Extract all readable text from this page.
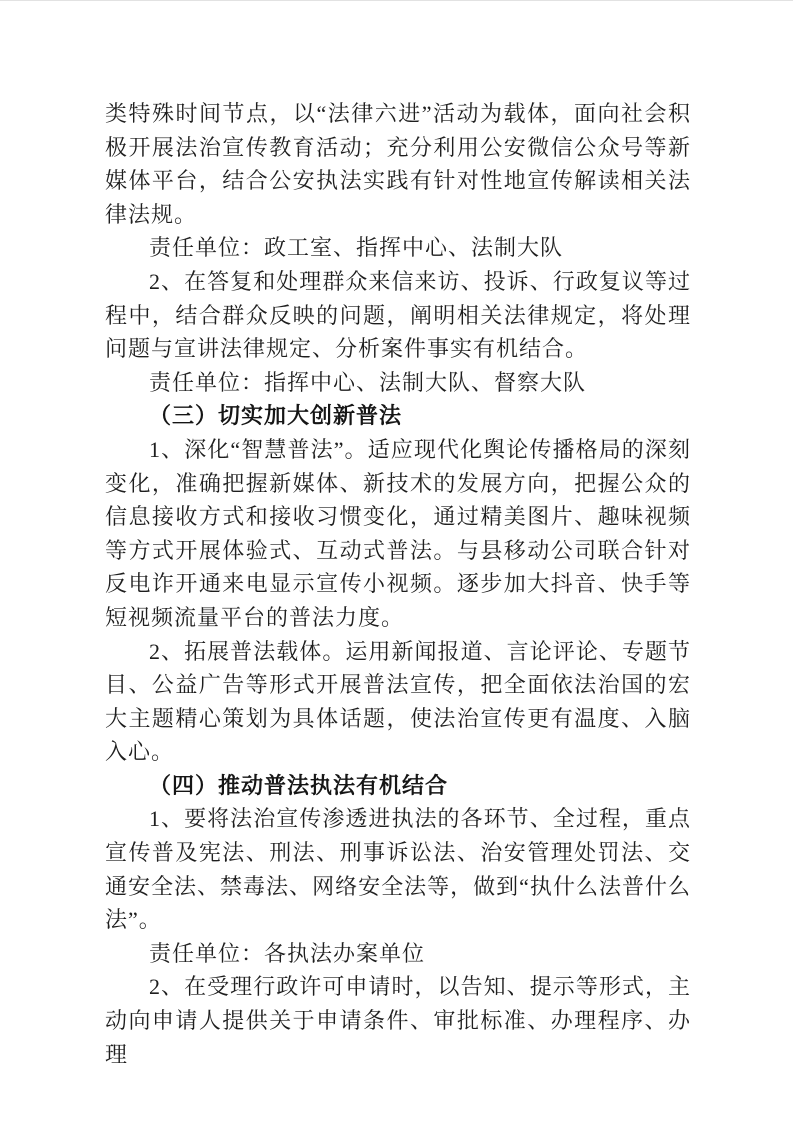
类特殊时间节点，以“法律六进”活动为载体，面向社会积极开展法治宣传教育活动；充分利用公安微信公众号等新媒体平台，结合公安执法实践有针对性地宣传解读相关法律法规。

责任单位：政工室、指挥中心、法制大队

2、在答复和处理群众来信来访、投诉、行政复议等过程中，结合群众反映的问题，阐明相关法律规定，将处理问题与宣讲法律规定、分析案件事实有机结合。

责任单位：指挥中心、法制大队、督察大队

（三）切实加大创新普法

1、深化“智慧普法”。适应现代化舆论传播格局的深刻变化，准确把握新媒体、新技术的发展方向，把握公众的信息接收方式和接收习惯变化，通过精美图片、趣味视频等方式开展体验式、互动式普法。与县移动公司联合针对反电诈开通来电显示宣传小视频。逐步加大抖音、快手等短视频流量平台的普法力度。

2、拓展普法载体。运用新闻报道、言论评论、专题节目、公益广告等形式开展普法宣传，把全面依法治国的宏大主题精心策划为具体话题，使法治宣传更有温度、入脑入心。

（四）推动普法执法有机结合

1、要将法治宣传渗透进执法的各环节、全过程，重点宣传普及宪法、刑法、刑事诉讼法、治安管理处罚法、交通安全法、禁毒法、网络安全法等，做到“执什么法普什么法”。

责任单位：各执法办案单位

2、在受理行政许可申请时，以告知、提示等形式，主动向申请人提供关于申请条件、审批标准、办理程序、办理
